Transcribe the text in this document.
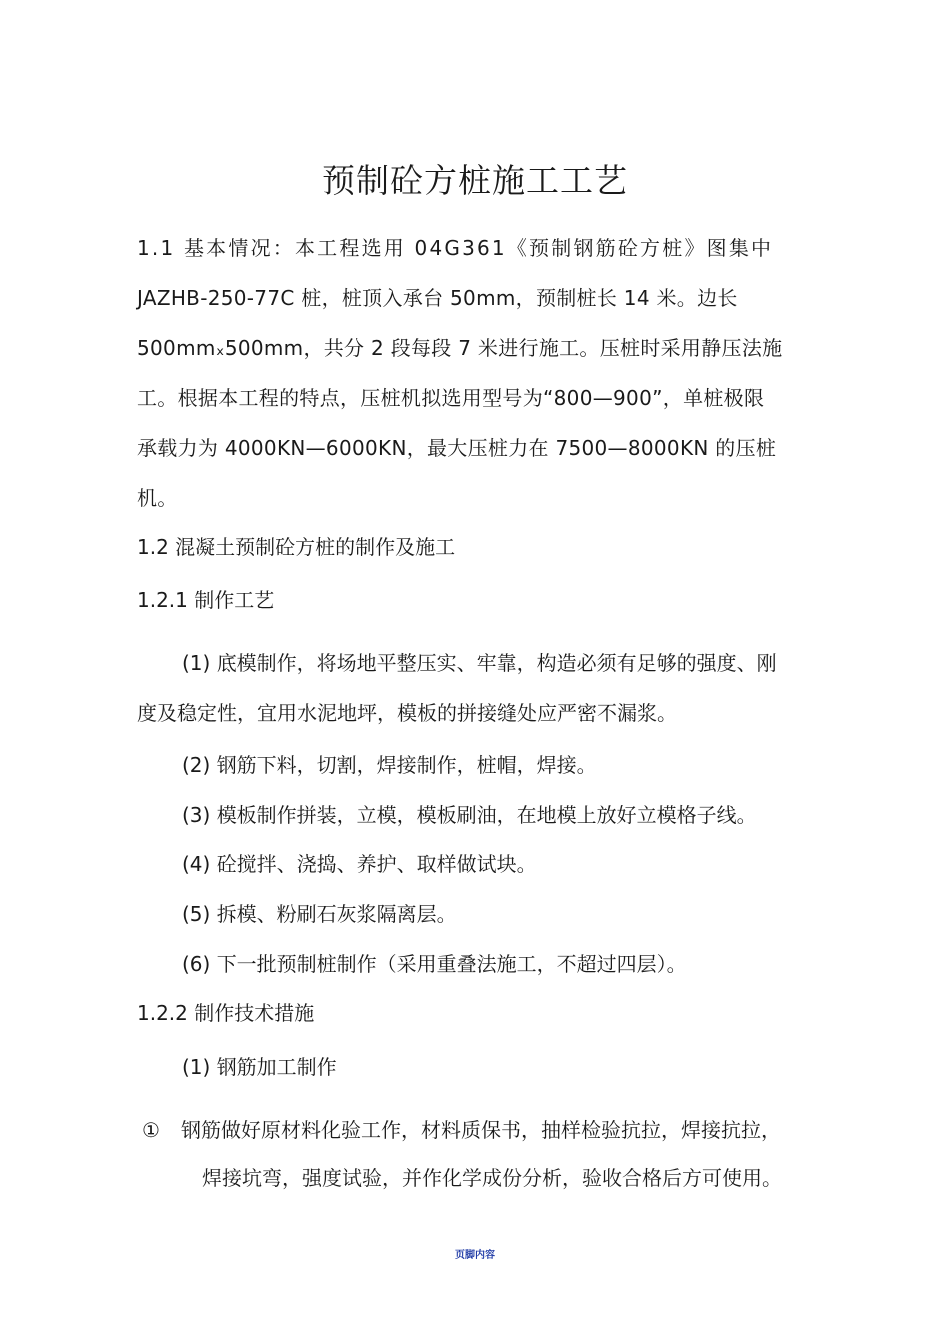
预制砼方桩施工工艺
1.1 基本情况：本工程选用 04G361《预制钢筋砼方桩》图集中
JAZHB-250-77C 桩，桩顶入承台 50mm，预制桩长 14 米。边长
500mmₓ500mm，共分 2 段每段 7 米进行施工。压桩时采用静压法施
工。根据本工程的特点，压桩机拟选用型号为“800—900”，单桩极限
承载力为 4000KN—6000KN，最大压桩力在 7500—8000KN 的压桩
机。
1.2 混凝土预制砼方桩的制作及施工
1.2.1 制作工艺
(1) 底模制作，将场地平整压实、牢靠，构造必须有足够的强度、刚
度及稳定性，宜用水泥地坪，模板的拼接缝处应严密不漏浆。
(2) 钢筋下料，切割，焊接制作，桩帽，焊接。
(3) 模板制作拼装，立模，模板刷油，在地模上放好立模格子线。
(4) 砼搅拌、浇捣、养护、取样做试块。
(5) 拆模、粉刷石灰浆隔离层。
(6) 下一批预制桩制作（采用重叠法施工，不超过四层）。
1.2.2 制作技术措施
(1) 钢筋加工制作
① 钢筋做好原材料化验工作，材料质保书，抽样检验抗拉，焊接抗拉，
焊接坑弯，强度试验，并作化学成份分析，验收合格后方可使用。
页脚内容
